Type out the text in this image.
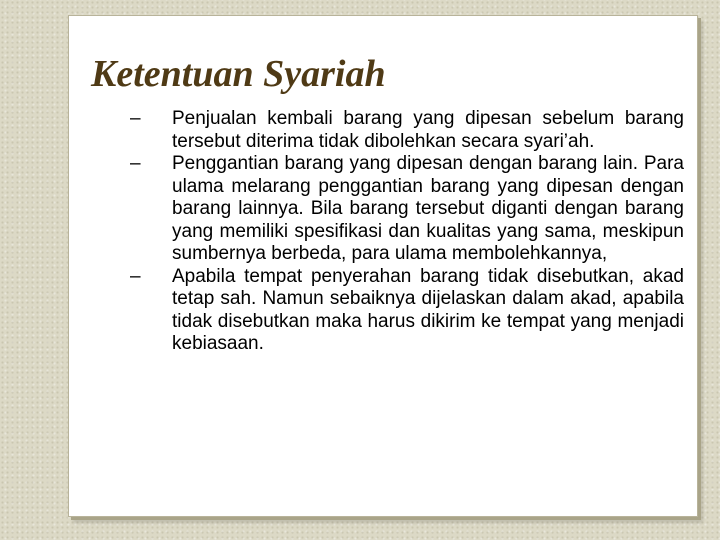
Ketentuan Syariah
–	Penjualan kembali barang yang dipesan sebelum barang tersebut diterima tidak dibolehkan secara syari’ah.
–	Penggantian barang yang dipesan dengan barang lain. Para ulama melarang penggantian barang yang dipesan dengan barang lainnya. Bila barang tersebut diganti dengan barang yang memiliki spesifikasi dan kualitas yang sama, meskipun sumbernya berbeda, para ulama membolehkannya,
–	Apabila tempat penyerahan barang tidak disebutkan, akad tetap sah. Namun sebaiknya dijelaskan dalam akad, apabila tidak disebutkan maka harus dikirim ke tempat yang menjadi kebiasaan.
